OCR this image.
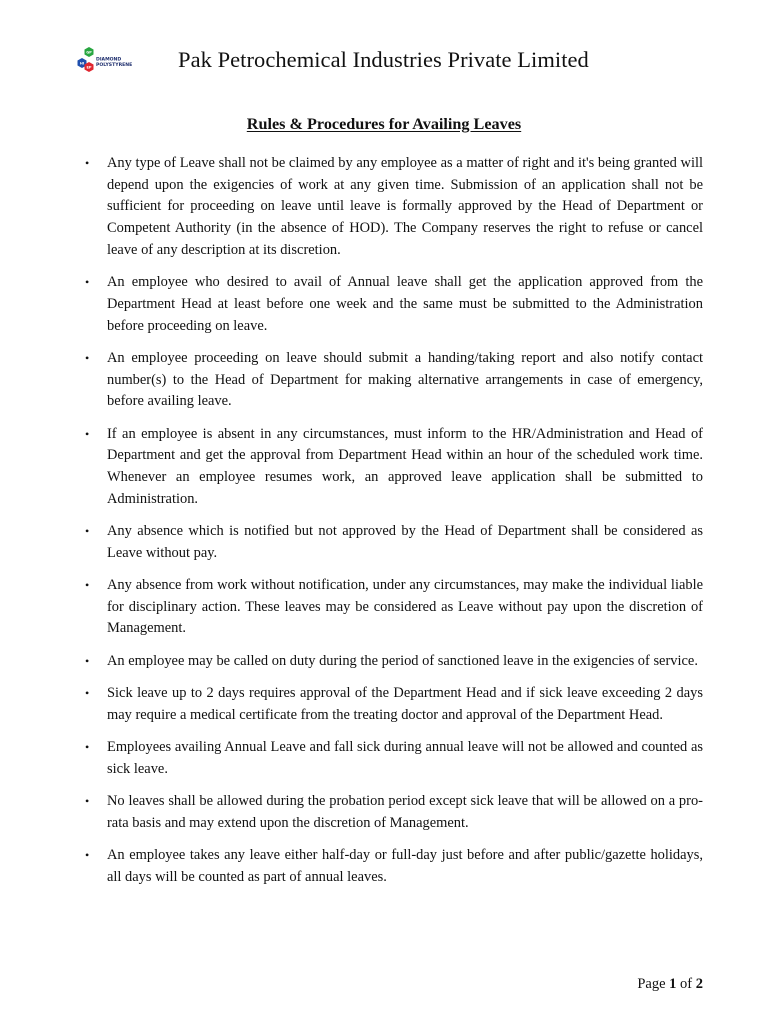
GP
HI
EP
DIAMOND
POLYSTYRENE Pak Petrochemical Industries Private Limited
Rules & Procedures for Availing Leaves
• Any type of Leave shall not be claimed by any employee as a matter of right and it's being granted will depend upon the exigencies of work at any given time. Submission of an application shall not be sufficient for proceeding on leave until leave is formally approved by the Head of Department or Competent Authority (in the absence of HOD). The Company reserves the right to refuse or cancel leave of any description at its discretion.
• An employee who desired to avail of Annual leave shall get the application approved from the Department Head at least before one week and the same must be submitted to the Administration before proceeding on leave.
• An employee proceeding on leave should submit a handing/taking report and also notify contact number(s) to the Head of Department for making alternative arrangements in case of emergency, before availing leave.
• If an employee is absent in any circumstances, must inform to the HR/Administration and Head of Department and get the approval from Department Head within an hour of the scheduled work time. Whenever an employee resumes work, an approved leave application shall be submitted to Administration.
• Any absence which is notified but not approved by the Head of Department shall be considered as Leave without pay.
• Any absence from work without notification, under any circumstances, may make the individual liable for disciplinary action. These leaves may be considered as Leave without pay upon the discretion of Management.
• An employee may be called on duty during the period of sanctioned leave in the exigencies of service.
• Sick leave up to 2 days requires approval of the Department Head and if sick leave exceeding 2 days may require a medical certificate from the treating doctor and approval of the Department Head.
• Employees availing Annual Leave and fall sick during annual leave will not be allowed and counted as sick leave.
• No leaves shall be allowed during the probation period except sick leave that will be allowed on a pro-rata basis and may extend upon the discretion of Management.
• An employee takes any leave either half-day or full-day just before and after public/gazette holidays, all days will be counted as part of annual leaves.
Page 1 of 2
